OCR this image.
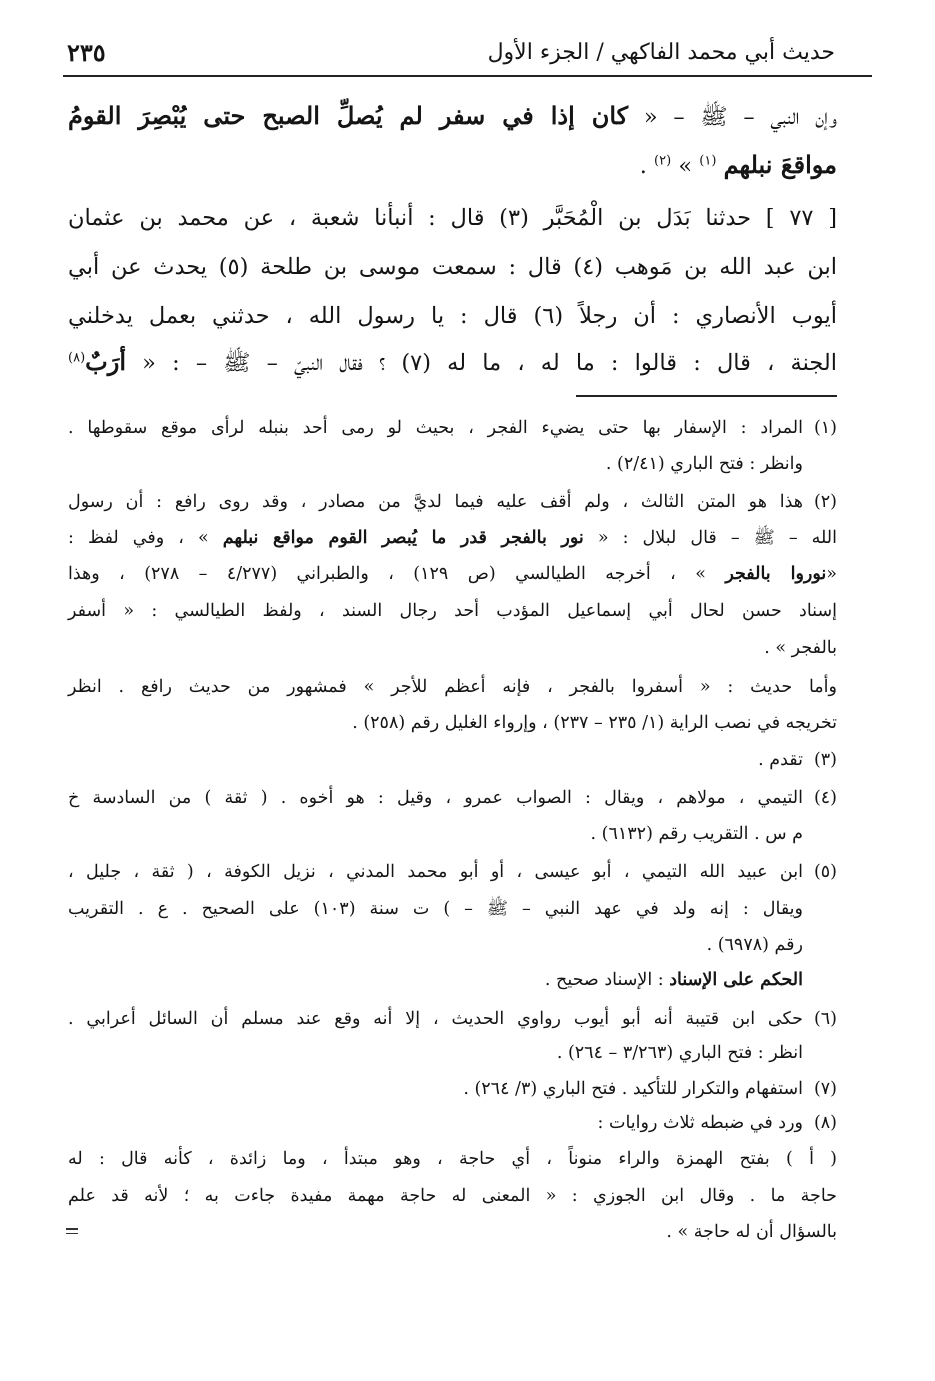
حديث أبي محمد الفاكهي / الجزء الأول
٢٣٥
وإن النبي – ﷺ – « كان إذا في سفر لم يُصلِّ الصبح حتى يُبْصِرَ القومُ
مواقعَ نبلهم $^{(١)}$ » $^{(٢)}$ .
[ ٧٧ ] حدثنا بَدَل بن الْمُحَبَّر (٣) قال : أنبأنا شعبة ، عن محمد بن عثمان
ابن عبد الله بن مَوهب (٤) قال : سمعت موسى بن طلحة (٥) يحدث عن أبي
أيوب الأنصاري : أن رجلاً (٦) قال : يا رسول الله ، حدثني بعمل يدخلني
الجنة ، قال : قالوا : ما له ، ما له (٧) ؟ فقال النبيّ – ﷺ – : « أرَبٌ$^{(٨)}$
(١)
المراد : الإسفار بها حتى يضيء الفجر ، بحيث لو رمى أحد بنبله لرأى موقع سقوطها .
وانظر : فتح الباري (٢/٤١) .
(٢)
هذا هو المتن الثالث ، ولم أقف عليه فيما لديَّ من مصادر ، وقد روى رافع : أن رسول
الله – ﷺ – قال لبلال : « نور بالفجر قدر ما يُبصر القوم مواقع نبلهم » ، وفي لفظ :
«نوروا بالفجر » ، أخرجه الطيالسي (ص ١٢٩) ، والطبراني (٤/٢٧٧ – ٢٧٨) ، وهذا
إسناد حسن لحال أبي إسماعيل المؤدب أحد رجال السند ، ولفظ الطيالسي : « أسفر
بالفجر » .
وأما حديث : « أسفروا بالفجر ، فإنه أعظم للأجر » فمشهور من حديث رافع . انظر
تخريجه في نصب الراية (١/ ٢٣٥ – ٢٣٧) ، وإرواء الغليل رقم (٢٥٨) .
(٣)
تقدم .
(٤)
التيمي ، مولاهم ، ويقال : الصواب عمرو ، وقيل : هو أخوه . ( ثقة ) من السادسة خ
م س . التقريب رقم (٦١٣٢) .
(٥)
ابن عبيد الله التيمي ، أبو عيسى ، أو أبو محمد المدني ، نزيل الكوفة ، ( ثقة ، جليل ،
ويقال : إنه ولد في عهد النبي – ﷺ – ) ت سنة (١٠٣) على الصحيح . ع . التقريب
رقم (٦٩٧٨) .
الحكم على الإسناد : الإسناد صحيح .
(٦)
حكى ابن قتيبة أنه أبو أيوب رواوي الحديث ، إلا أنه وقع عند مسلم أن السائل أعرابي .
انظر : فتح الباري (٣/٢٦٣ – ٢٦٤) .
(٧)
استفهام والتكرار للتأكيد . فتح الباري (٣/ ٢٦٤) .
(٨)
ورد في ضبطه ثلاث روايات :
( أ ) بفتح الهمزة والراء منوناً ، أي حاجة ، وهو مبتدأ ، وما زائدة ، كأنه قال : له
حاجة ما . وقال ابن الجوزي : « المعنى له حاجة مهمة مفيدة جاءت به ؛ لأنه قد علم
بالسؤال أن له حاجة » .
